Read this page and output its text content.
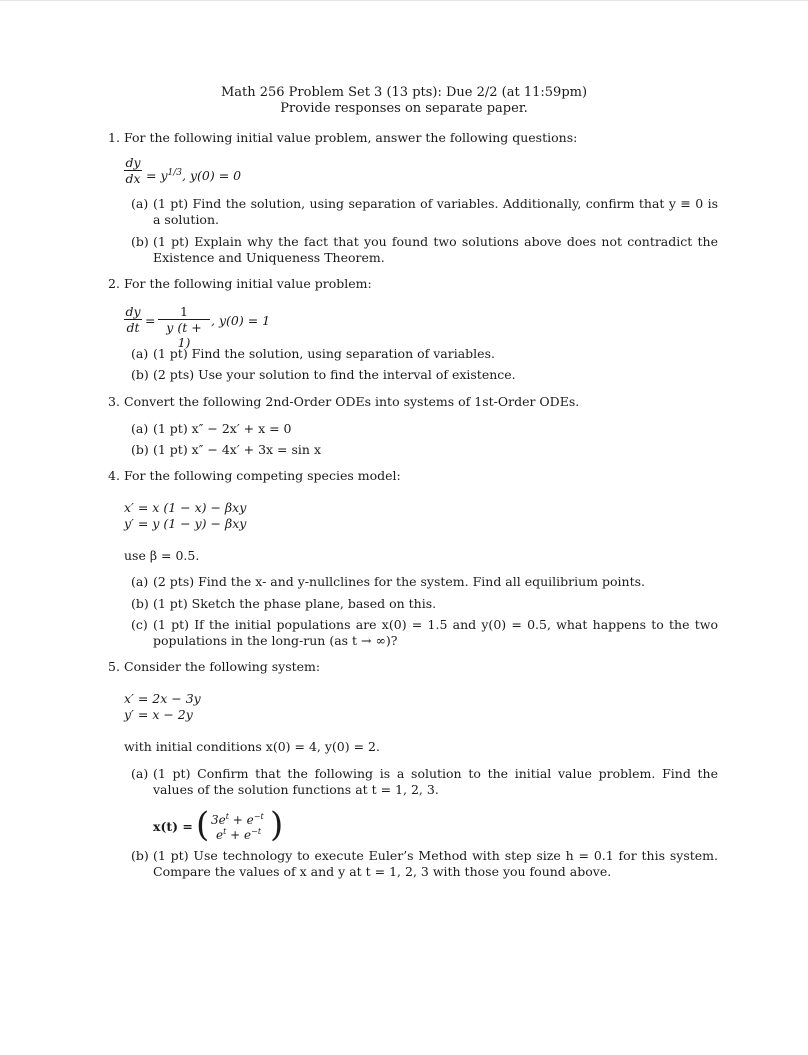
Math 256 Problem Set 3 (13 pts): Due 2/2 (at 11:59pm)
Provide responses on separate paper.
1. For the following initial value problem, answer the following questions:
$\frac{dy}{dx} = y^{1/3}$, y(0) = 0
(a) (1 pt) Find the solution, using separation of variables. Additionally, confirm that y ≡ 0 is a solution.
(b) (1 pt) Explain why the fact that you found two solutions above does not contradict the Existence and Uniqueness Theorem.
2. For the following initial value problem:
$\frac{dy}{dt} = \frac{1}{y (t + 1)}$ , y(0) = 1
(a) (1 pt) Find the solution, using separation of variables.
(b) (2 pts) Use your solution to find the interval of existence.
3. Convert the following 2nd-Order ODEs into systems of 1st-Order ODEs.
(a) (1 pt) x″ − 2x′ + x = 0
(b) (1 pt) x″ − 4x′ + 3x = sin x
4. For the following competing species model:
x′ = x (1 − x) − βxy
y′ = y (1 − y) − βxy
use β = 0.5.
(a) (2 pts) Find the x- and y-nullclines for the system. Find all equilibrium points.
(b) (1 pt) Sketch the phase plane, based on this.
(c) (1 pt) If the initial populations are x(0) = 1.5 and y(0) = 0.5, what happens to the two populations in the long-run (as t → ∞)?
5. Consider the following system:
x′ = 2x − 3y
y′ = x − 2y
with initial conditions x(0) = 4, y(0) = 2.
(a) (1 pt) Confirm that the following is a solution to the initial value problem. Find the values of the solution functions at t = 1, 2, 3.
x(t) = ( $3e^t + e^{-t}$
$e^t + e^{-t}$ )
(b) (1 pt) Use technology to execute Euler’s Method with step size h = 0.1 for this system. Compare the values of x and y at t = 1, 2, 3 with those you found above.
